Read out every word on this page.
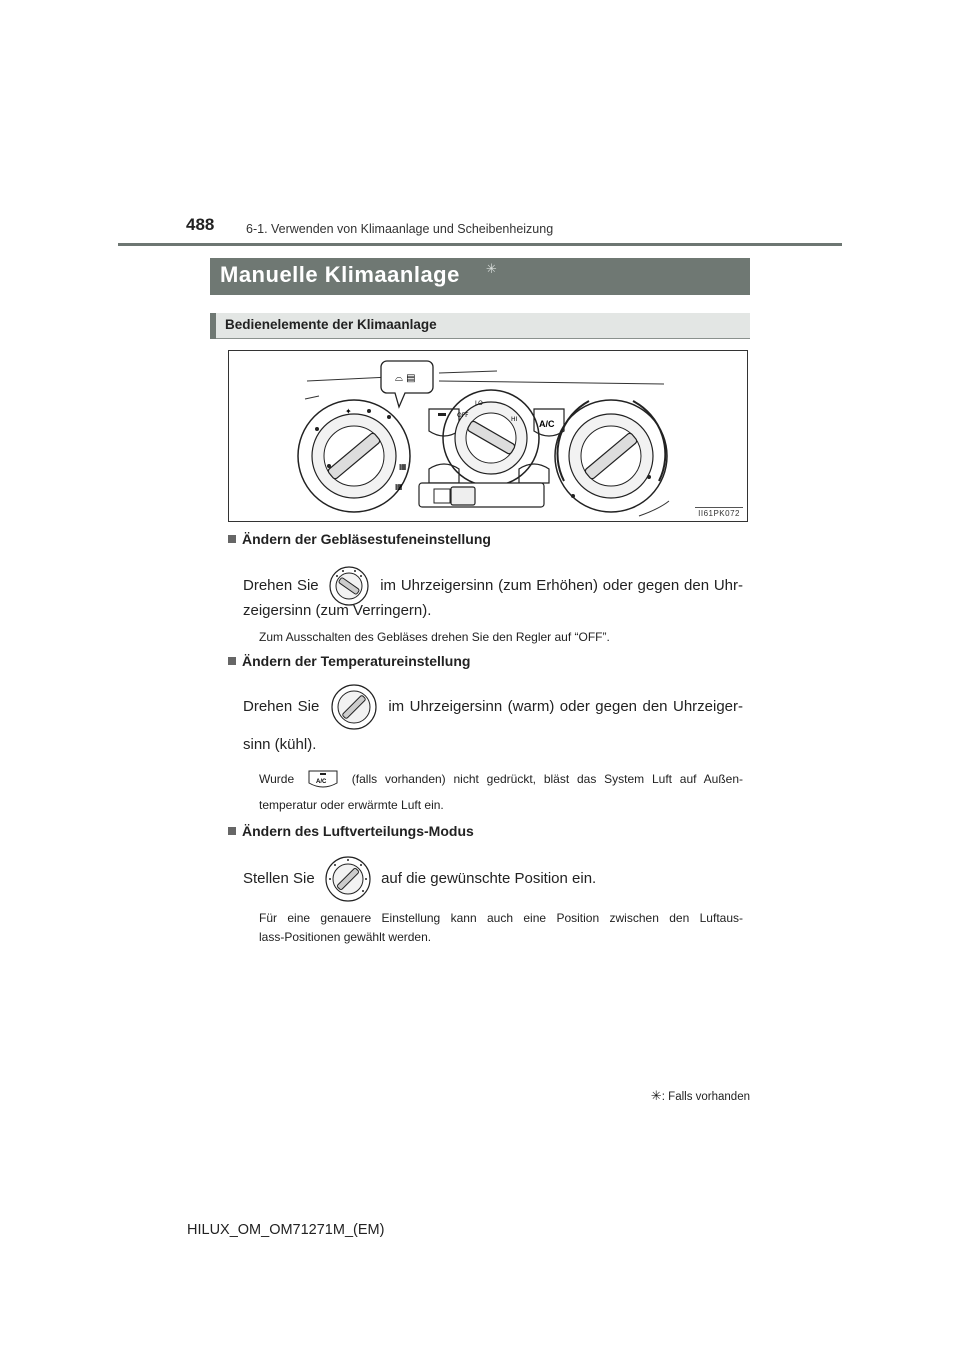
488	6-1. Verwenden von Klimaanlage und Scheibenheizung
Manuelle Klimaanlage ✳
Bedienelemente der Klimaanlage
✦
▦
▦
⌓ ▤
A/C
OFF
LO
HI
II61PK072
Ändern der Gebläsestufeneinstellung
Drehen Sie	im Uhrzeigersinn (zum Erhöhen) oder gegen den Uhr-
zeigersinn (zum Verringern).
Zum Ausschalten des Gebläses drehen Sie den Regler auf “OFF”.
Ändern der Temperatureinstellung
Drehen Sie	im Uhrzeigersinn (warm) oder gegen den Uhrzeiger-
sinn (kühl).
Wurde	A/C (falls vorhanden) nicht gedrückt, bläst das System Luft auf Außen-
temperatur oder erwärmte Luft ein.
Ändern des Luftverteilungs-Modus
Stellen Sie	auf die gewünschte Position ein.
Für eine genauere Einstellung kann auch eine Position zwischen den Luftaus-
lass-Positionen gewählt werden.
✳: Falls vorhanden
HILUX_OM_OM71271M_(EM)
